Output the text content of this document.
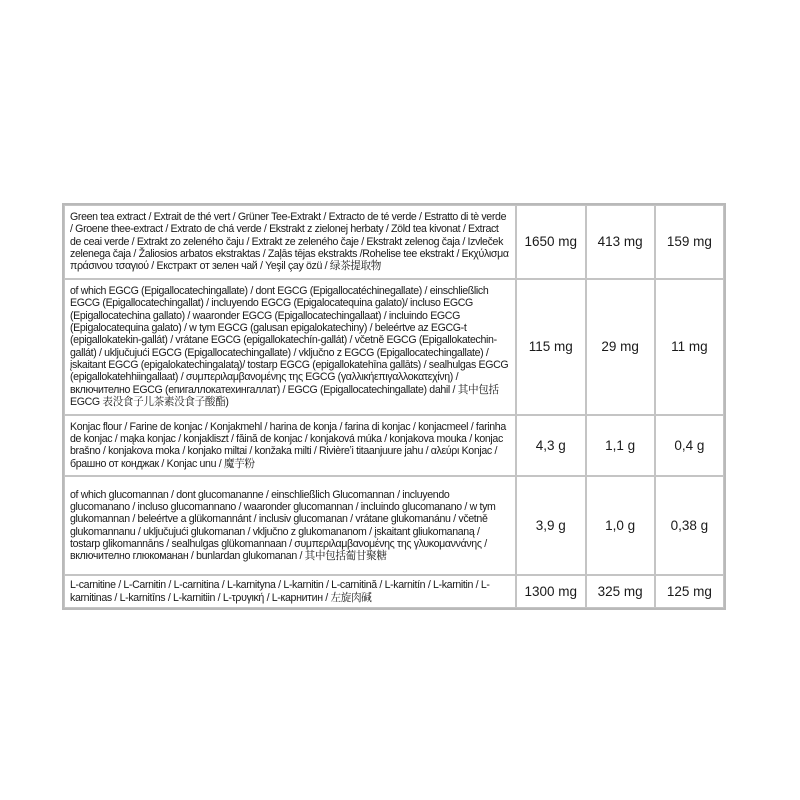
Green tea extract / Extrait de thé vert / Grüner Tee-Extrakt / Extracto de té verde / Estratto di tè verde / Groene thee-extract / Extrato de chá verde / Ekstrakt z zielonej herbaty / Zöld tea kivonat / Extract de ceai verde / Extrakt zo zeleného čaju / Extrakt ze zeleného čaje / Ekstrakt zelenog čaja / Izvleček zelenega čaja / Žaliosios arbatos ekstraktas / Zaļās tējas ekstrakts /Rohelise tee ekstrakt / Εκχύλισμα πράσινου τσαγιού / Екстракт от зелен чай / Yeşil çay özü / 绿茶提取物	1650 mg	413 mg	159 mg
of which EGCG (Epigallocatechingallate) / dont EGCG (Epigallocatéchinegallate) / einschließlich EGCG (Epigallocatechingallat) / incluyendo EGCG (Epigalocatequina galato)/ incluso EGCG (Epigallocatechina gallato) / waaronder EGCG (Epigallocatechingallaat) / incluindo EGCG (Epigalocatequina galato) / w tym EGCG (galusan epigalokatechiny) / beleértve az EGCG-t (epigallokatekin-gallát) / vrátane EGCG (epigallokatechín-gallát) / včetně EGCG (Epigallokatechin-gallát) / uključujući EGCG (Epigallocatechingallate) / vključno z EGCG (Epigallocatechingallate) / įskaitant EGCG (epigalokatechingalatą)/ tostarp EGCG (epigallokatehīna gallāts) / sealhulgas EGCG (epigallokatehhiingallaat) / συμπεριλαμβανομένης της EGCG (γαλλικήεπιγαλλοκατεχίνη) / включително EGCG (епигаллокатехингаллат) / EGCG (Epigallocatechingallate) dahil / 其中包括EGCG 表没食子儿茶素没食子酸酯)	115 mg	29 mg	11 mg
Konjac flour / Farine de konjac / Konjakmehl / harina de konja / farina di konjac / konjacmeel / farinha de konjac / mąka konjac / konjakliszt / făină de konjac / konjaková múka / konjakova mouka / konjac brašno / konjakova moka / konjako miltai / konžaka milti / Rivièreʼi titaanjuure jahu / αλεύρι Konjac / брашно от конджак / Konjac unu / 魔芋粉	4,3 g	1,1 g	0,4 g
of which glucomannan / dont glucomananne / einschließlich Glucomannan / incluyendo glucomanano / incluso glucomannano / waaronder glucomannan / incluindo glucomanano / w tym glukomannan / beleértve a glükomannánt / inclusiv glucomanan / vrátane glukomanánu / včetně glukomannanu / uključujući glukomanan / vključno z glukomananom / įskaitant gliukomananą / tostarp glikomannāns / sealhulgas glükomannaan / συμπεριλαμβανομένης της γλυκομαννάνης / включително глюкоманан / bunlardan glukomanan / 其中包括葡甘聚糖	3,9 g	1,0 g	0,38 g
L-carnitine / L-Carnitin / L-carnitina / L-karnityna / L-karnitin / L-carnitină / L-karnitín / L-karnitin / L-karnitinas / L-karnitīns / L-karnitiin / L-τρυγική / L-карнитин / 左旋肉碱	1300 mg	325 mg	125 mg
